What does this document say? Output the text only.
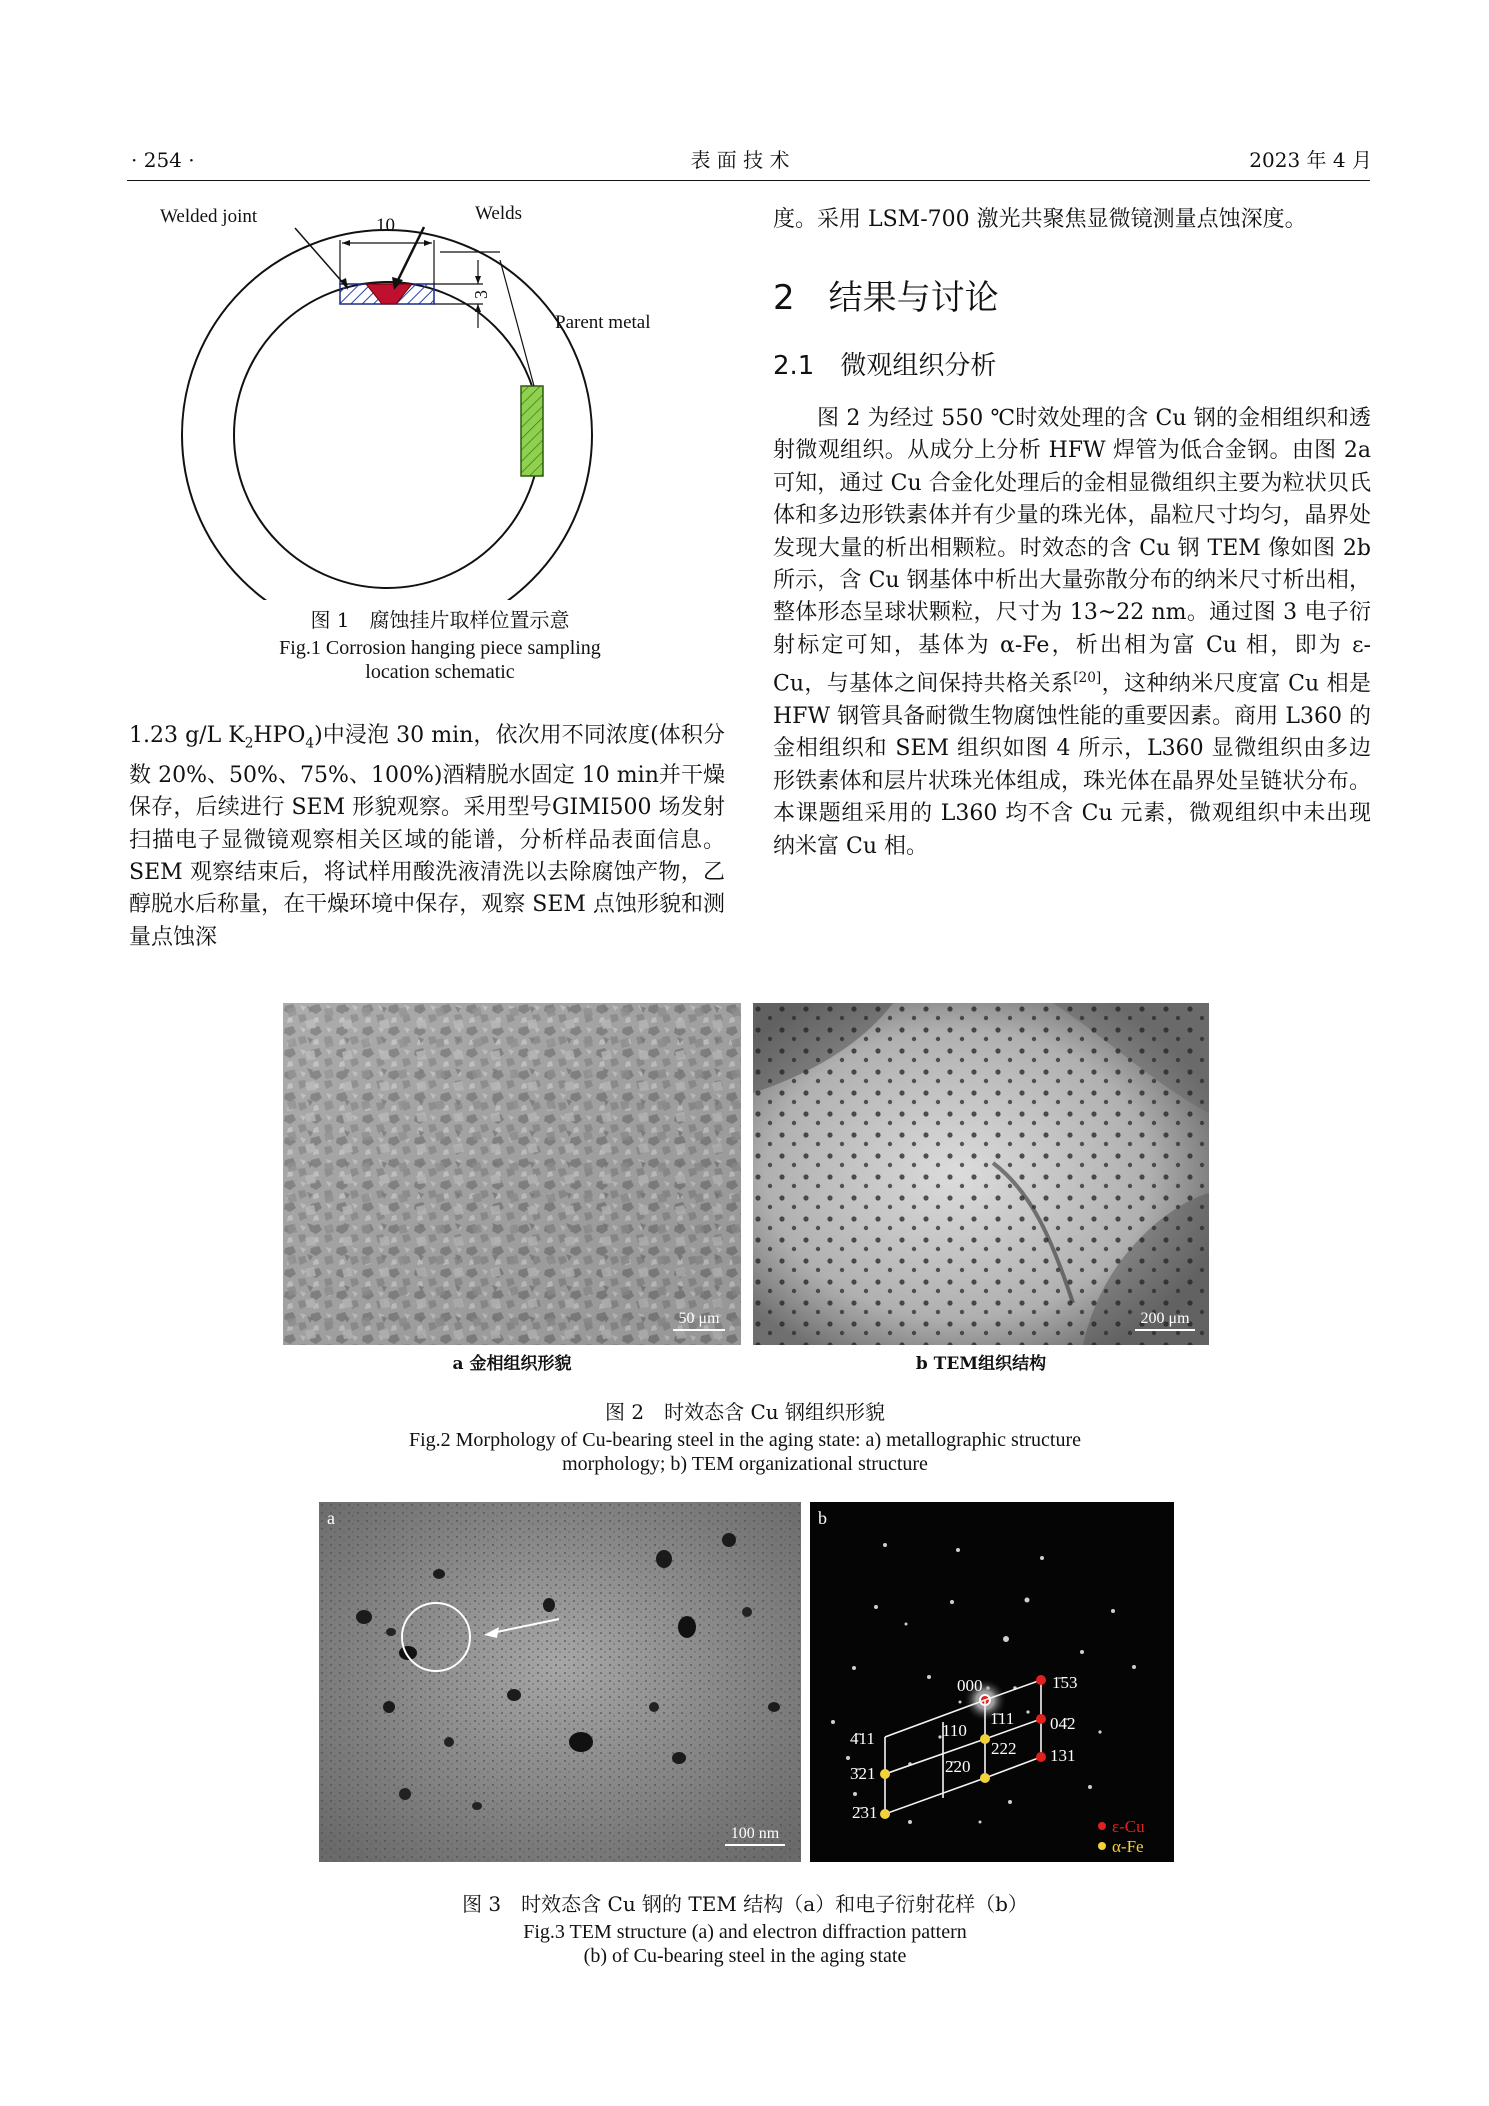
· 254 ·	表 面 技 术	2023 年 4 月
Welded joint	10
Welds
3
Parent metal
图 1　腐蚀挂片取样位置示意
Fig.1 Corrosion hanging piece sampling
location schematic

1.23 g/L $K_2HPO_4$)中浸泡 30 min，依次用不同浓度(体积分数 20%、50%、75%、100%)酒精脱水固定 10 min并干燥保存，后续进行 SEM 形貌观察。采用型号GIMI500 场发射扫描电子显微镜观察相关区域的能谱，分析样品表面信息。SEM 观察结束后，将试样用酸洗液清洗以去除腐蚀产物，乙醇脱水后称量，在干燥环境中保存，观察 SEM 点蚀形貌和测量点蚀深

度。采用 LSM-700 激光共聚焦显微镜测量点蚀深度。
2　结果与讨论
2.1　微观组织分析
图 2 为经过 550 ℃时效处理的含 Cu 钢的金相组织和透射微观组织。从成分上分析 HFW 焊管为低合金钢。由图 2a 可知，通过 Cu 合金化处理后的金相显微组织主要为粒状贝氏体和多边形铁素体并有少量的珠光体，晶粒尺寸均匀，晶界处发现大量的析出相颗粒。时效态的含 Cu 钢 TEM 像如图 2b 所示，含 Cu 钢基体中析出大量弥散分布的纳米尺寸析出相，整体形态呈球状颗粒，尺寸为 13~22 nm。通过图 3 电子衍射标定可知，基体为 α-Fe，析出相为富 Cu 相，即为 ε-Cu，与基体之间保持共格关系[20]，这种纳米尺度富 Cu 相是 HFW 钢管具备耐微生物腐蚀性能的重要因素。商用 L360 的金相组织和 SEM 组织如图 4 所示，L360 显微组织由多边形铁素体和层片状珠光体组成，珠光体在晶界处呈链状分布。本课题组采用的 L360 均不含 Cu 元素，微观组织中未出现纳米富 Cu 相。
50 μm	200 μm
a 金相组织形貌	b TEM组织结构
图 2　时效态含 Cu 钢组织形貌
Fig.2 Morphology of Cu-bearing steel in the aging state: a) metallographic structure
morphology; b) TEM organizational structure
a
100 nm
000	1̄53
1̄11 04̄2
110
222 131
4̄11
3̄21	2̄20
2̄31
ε-Cu
α-Fe
b
图 3　时效态含 Cu 钢的 TEM 结构（a）和电子衍射花样（b）
Fig.3 TEM structure (a) and electron diffraction pattern
(b) of Cu-bearing steel in the aging state
